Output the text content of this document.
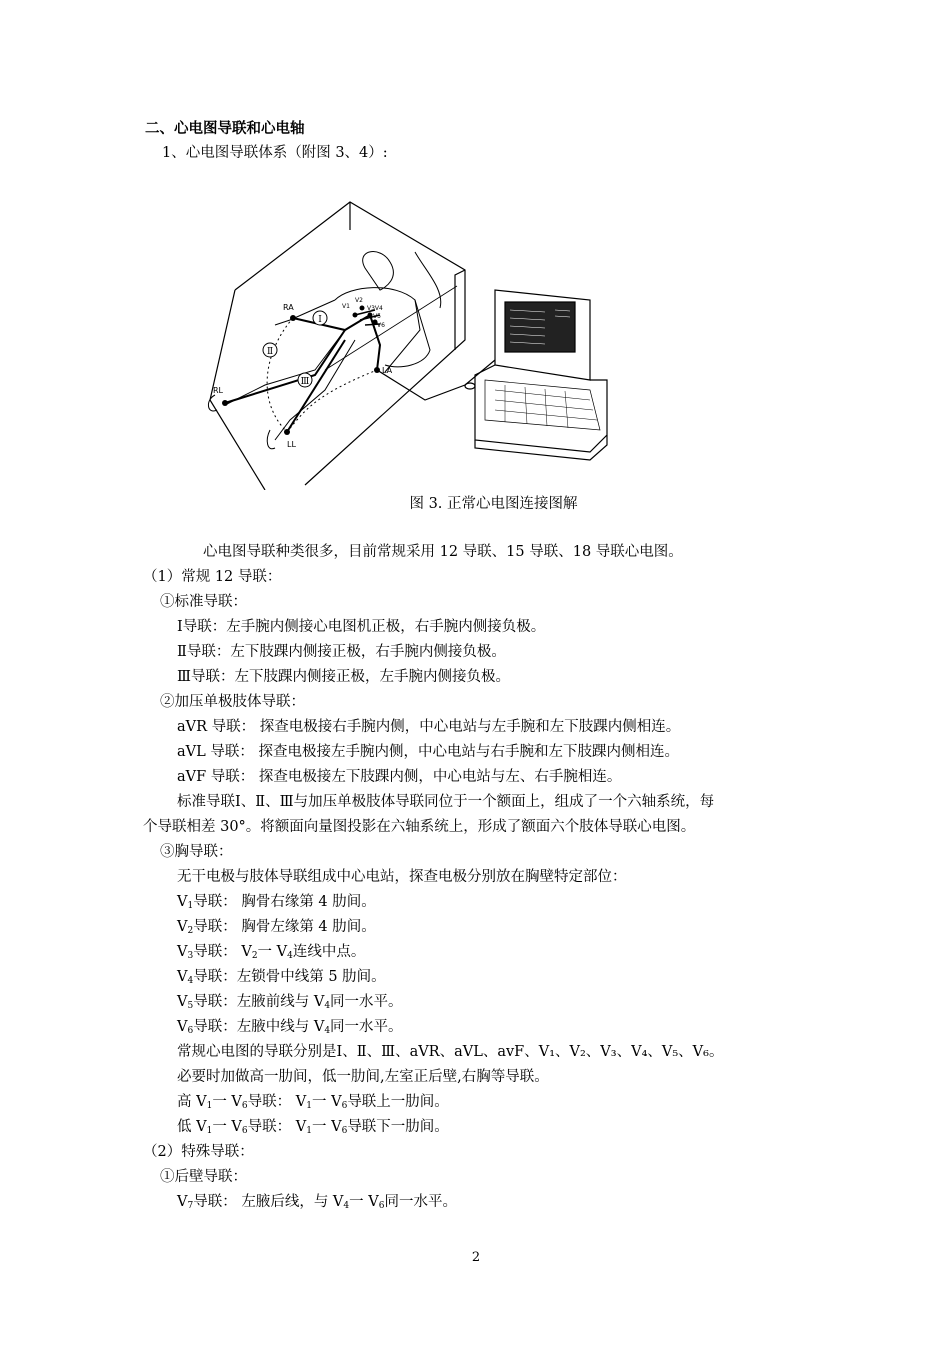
二、心电图导联和心电轴
1、心电图导联体系（附图 3、4）:
Ⅰ
Ⅱ
Ⅲ
RA
LA
RL
LL
V1
V2
V3V4
V5
V6
图 3. 正常心电图连接图解
心电图导联种类很多，目前常规采用 12 导联、15 导联、18 导联心电图。
（1）常规 12 导联：
①标准导联：
Ⅰ导联：左手腕内侧接心电图机正极，右手腕内侧接负极。
Ⅱ导联：左下肢踝内侧接正极，右手腕内侧接负极。
Ⅲ导联：左下肢踝内侧接正极，左手腕内侧接负极。
②加压单极肢体导联：
aVR 导联： 探查电极接右手腕内侧，中心电站与左手腕和左下肢踝内侧相连。
aVL 导联： 探查电极接左手腕内侧，中心电站与右手腕和左下肢踝内侧相连。
aVF 导联： 探查电极接左下肢踝内侧，中心电站与左、右手腕相连。
标准导联Ⅰ、Ⅱ、Ⅲ与加压单极肢体导联同位于一个额面上，组成了一个六轴系统，每
个导联相差 30°。将额面向量图投影在六轴系统上，形成了额面六个肢体导联心电图。
③胸导联：
无干电极与肢体导联组成中心电站，探查电极分别放在胸壁特定部位：
$V_1$导联： 胸骨右缘第 4 肋间。
$V_2$导联： 胸骨左缘第 4 肋间。
$V_3$导联： $V_2$一 $V_4$连线中点。
$V_4$导联：左锁骨中线第 5 肋间。
$V_5$导联：左腋前线与 $V_4$同一水平。
$V_6$导联：左腋中线与 $V_4$同一水平。
常规心电图的导联分别是Ⅰ、Ⅱ、Ⅲ、aVR、aVL、avF、V₁、V₂、V₃、V₄、V₅、V₆。
必要时加做高一肋间，低一肋间,左室正后壁,右胸等导联。
高 $V_1$一 $V_6$导联： $V_1$一 $V_6$导联上一肋间。
低 $V_1$一 $V_6$导联： $V_1$一 $V_6$导联下一肋间。
（2）特殊导联：
①后壁导联：
$V_7$导联： 左腋后线，与 $V_4$一 $V_6$同一水平。
2
